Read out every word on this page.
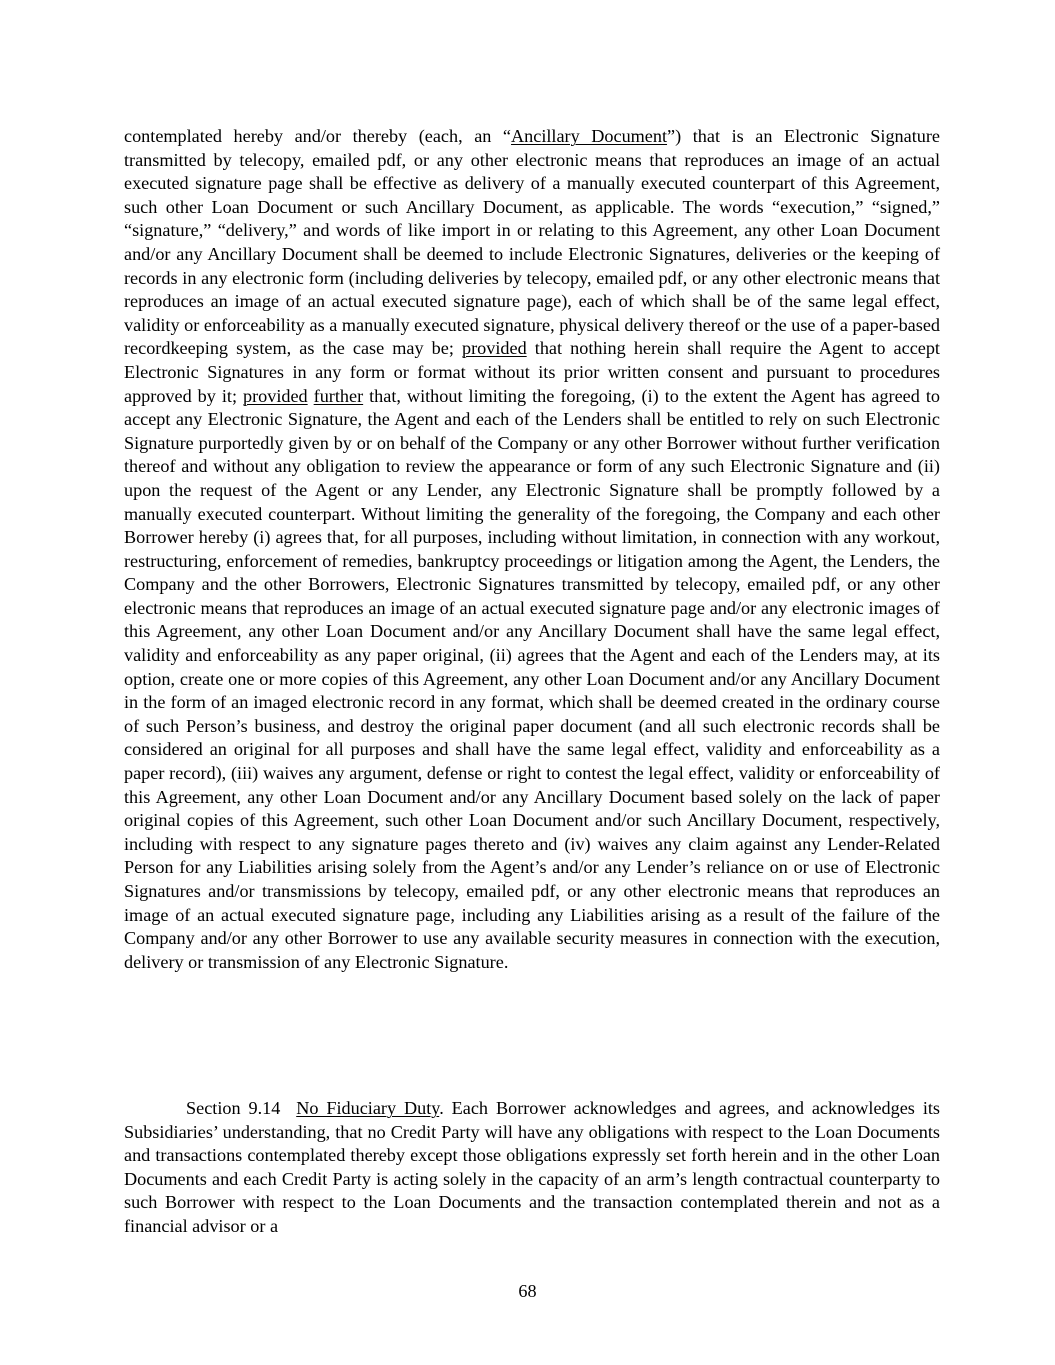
contemplated hereby and/or thereby (each, an “Ancillary Document”) that is an Electronic Signature transmitted by telecopy, emailed pdf, or any other electronic means that reproduces an image of an actual executed signature page shall be effective as delivery of a manually executed counterpart of this Agreement, such other Loan Document or such Ancillary Document, as applicable. The words “execution,” “signed,” “signature,” “delivery,” and words of like import in or relating to this Agreement, any other Loan Document and/or any Ancillary Document shall be deemed to include Electronic Signatures, deliveries or the keeping of records in any electronic form (including deliveries by telecopy, emailed pdf, or any other electronic means that reproduces an image of an actual executed signature page), each of which shall be of the same legal effect, validity or enforceability as a manually executed signature, physical delivery thereof or the use of a paper-based recordkeeping system, as the case may be; provided that nothing herein shall require the Agent to accept Electronic Signatures in any form or format without its prior written consent and pursuant to procedures approved by it; provided further that, without limiting the foregoing, (i) to the extent the Agent has agreed to accept any Electronic Signature, the Agent and each of the Lenders shall be entitled to rely on such Electronic Signature purportedly given by or on behalf of the Company or any other Borrower without further verification thereof and without any obligation to review the appearance or form of any such Electronic Signature and (ii) upon the request of the Agent or any Lender, any Electronic Signature shall be promptly followed by a manually executed counterpart. Without limiting the generality of the foregoing, the Company and each other Borrower hereby (i) agrees that, for all purposes, including without limitation, in connection with any workout, restructuring, enforcement of remedies, bankruptcy proceedings or litigation among the Agent, the Lenders, the Company and the other Borrowers, Electronic Signatures transmitted by telecopy, emailed pdf, or any other electronic means that reproduces an image of an actual executed signature page and/or any electronic images of this Agreement, any other Loan Document and/or any Ancillary Document shall have the same legal effect, validity and enforceability as any paper original, (ii) agrees that the Agent and each of the Lenders may, at its option, create one or more copies of this Agreement, any other Loan Document and/or any Ancillary Document in the form of an imaged electronic record in any format, which shall be deemed created in the ordinary course of such Person’s business, and destroy the original paper document (and all such electronic records shall be considered an original for all purposes and shall have the same legal effect, validity and enforceability as a paper record), (iii) waives any argument, defense or right to contest the legal effect, validity or enforceability of this Agreement, any other Loan Document and/or any Ancillary Document based solely on the lack of paper original copies of this Agreement, such other Loan Document and/or such Ancillary Document, respectively, including with respect to any signature pages thereto and (iv) waives any claim against any Lender-Related Person for any Liabilities arising solely from the Agent’s and/or any Lender’s reliance on or use of Electronic Signatures and/or transmissions by telecopy, emailed pdf, or any other electronic means that reproduces an image of an actual executed signature page, including any Liabilities arising as a result of the failure of the Company and/or any other Borrower to use any available security measures in connection with the execution, delivery or transmission of any Electronic Signature.

Section 9.14 No Fiduciary Duty. Each Borrower acknowledges and agrees, and acknowledges its Subsidiaries’ understanding, that no Credit Party will have any obligations with respect to the Loan Documents and transactions contemplated thereby except those obligations expressly set forth herein and in the other Loan Documents and each Credit Party is acting solely in the capacity of an arm’s length contractual counterparty to such Borrower with respect to the Loan Documents and the transaction contemplated therein and not as a financial advisor or a

68
